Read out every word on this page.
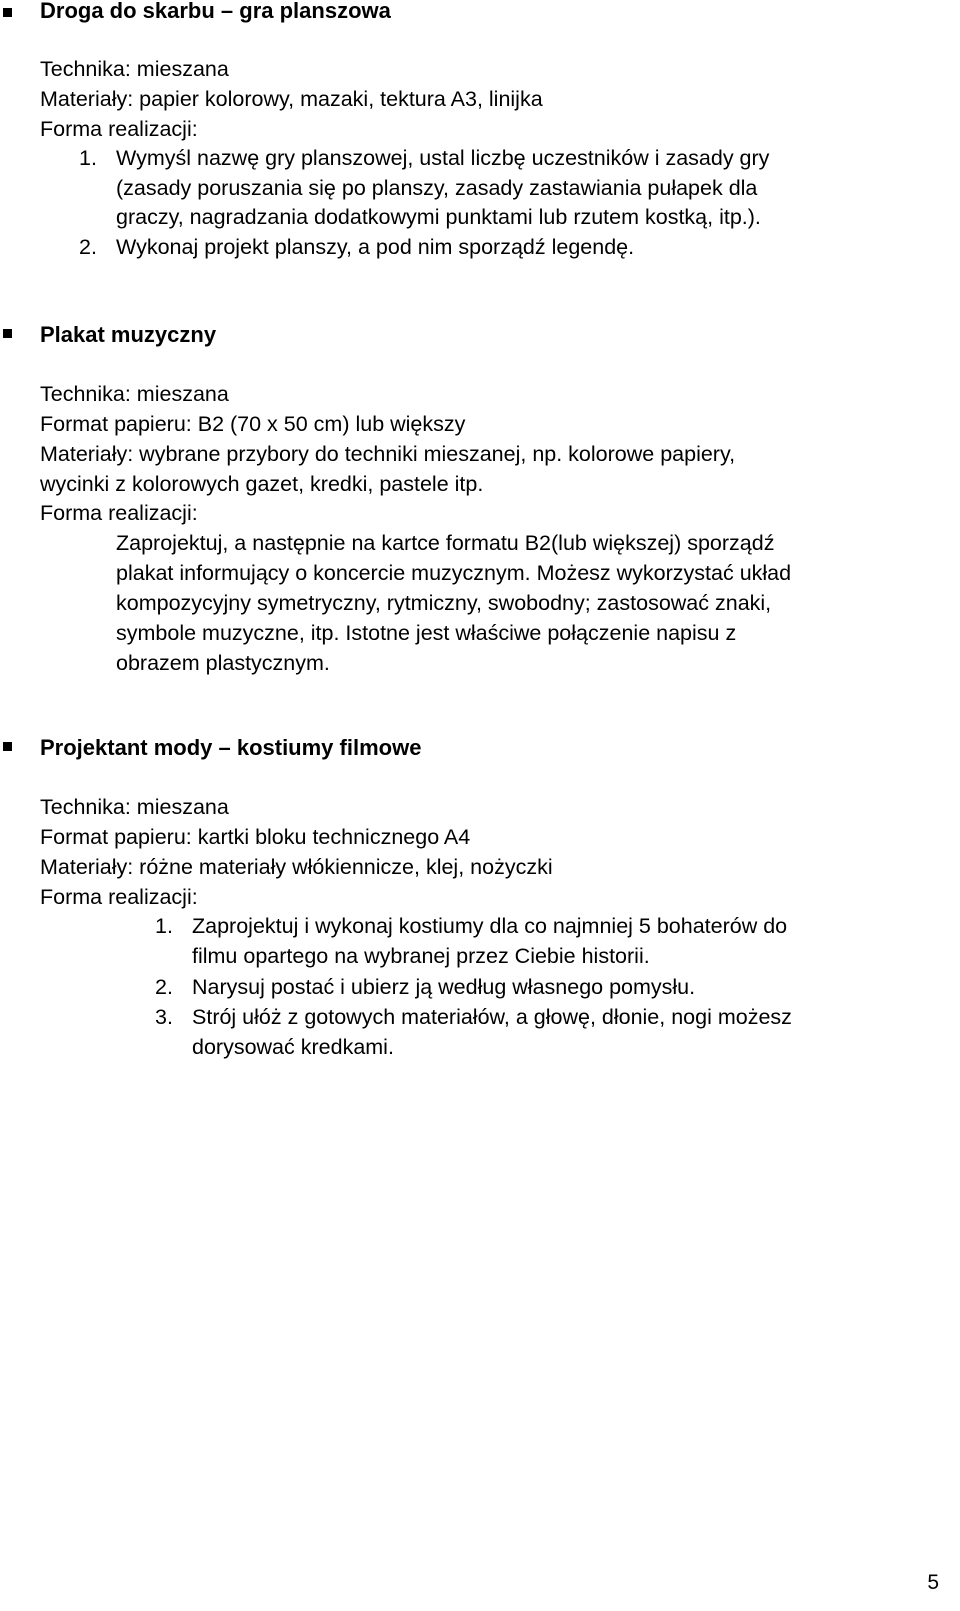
Droga do skarbu – gra planszowa
Technika: mieszana
Materiały: papier kolorowy, mazaki, tektura A3, linijka
Forma realizacji:
1. Wymyśl nazwę gry planszowej, ustal liczbę uczestników i zasady gry
(zasady poruszania się po planszy, zasady zastawiania pułapek dla
graczy, nagradzania dodatkowymi punktami lub rzutem kostką, itp.).
2. Wykonaj projekt planszy, a pod nim sporządź legendę.
Plakat muzyczny
Technika: mieszana
Format papieru: B2 (70 x 50 cm) lub większy
Materiały: wybrane przybory do techniki mieszanej, np. kolorowe papiery,
wycinki z kolorowych gazet, kredki, pastele itp.
Forma realizacji:
Zaprojektuj, a następnie na kartce formatu B2(lub większej) sporządź
plakat informujący o koncercie muzycznym. Możesz wykorzystać układ
kompozycyjny symetryczny, rytmiczny, swobodny; zastosować znaki,
symbole muzyczne, itp. Istotne jest właściwe połączenie napisu z
obrazem plastycznym.
Projektant mody – kostiumy filmowe
Technika: mieszana
Format papieru: kartki bloku technicznego A4
Materiały: różne materiały włókiennicze, klej, nożyczki
Forma realizacji:
1. Zaprojektuj i wykonaj kostiumy dla co najmniej 5 bohaterów do
filmu opartego na wybranej przez Ciebie historii.
2. Narysuj postać i ubierz ją według własnego pomysłu.
3. Strój ułóż z gotowych materiałów, a głowę, dłonie, nogi możesz
dorysować kredkami.
5
